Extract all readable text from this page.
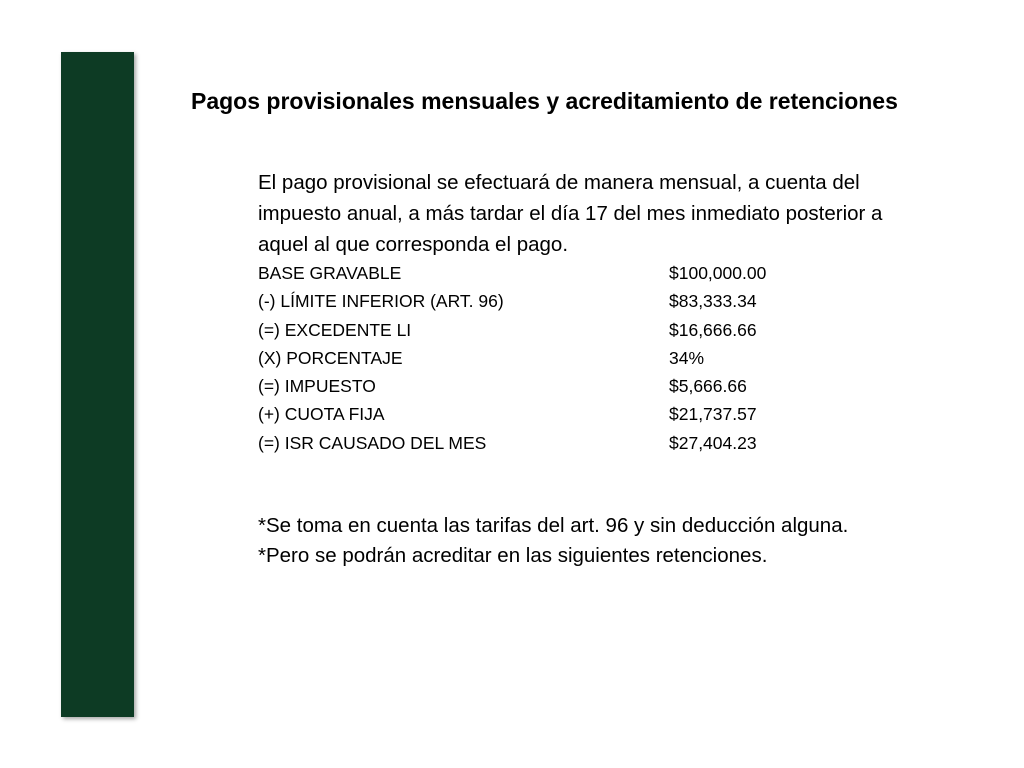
Pagos provisionales mensuales y acreditamiento de retenciones
El pago provisional se efectuará de manera mensual, a cuenta del impuesto anual, a más tardar el día 17 del mes inmediato posterior a aquel al que corresponda el pago.
BASE GRAVABLE	$100,000.00
(-) LÍMITE INFERIOR (ART. 96)	$83,333.34
(=) EXCEDENTE LI	$16,666.66
(X) PORCENTAJE	34%
(=) IMPUESTO	$5,666.66
(+) CUOTA FIJA	$21,737.57
(=) ISR CAUSADO DEL MES	$27,404.23

*Se toma en cuenta las tarifas del art. 96 y sin deducción alguna.

*Pero se podrán acreditar en las siguientes retenciones.
